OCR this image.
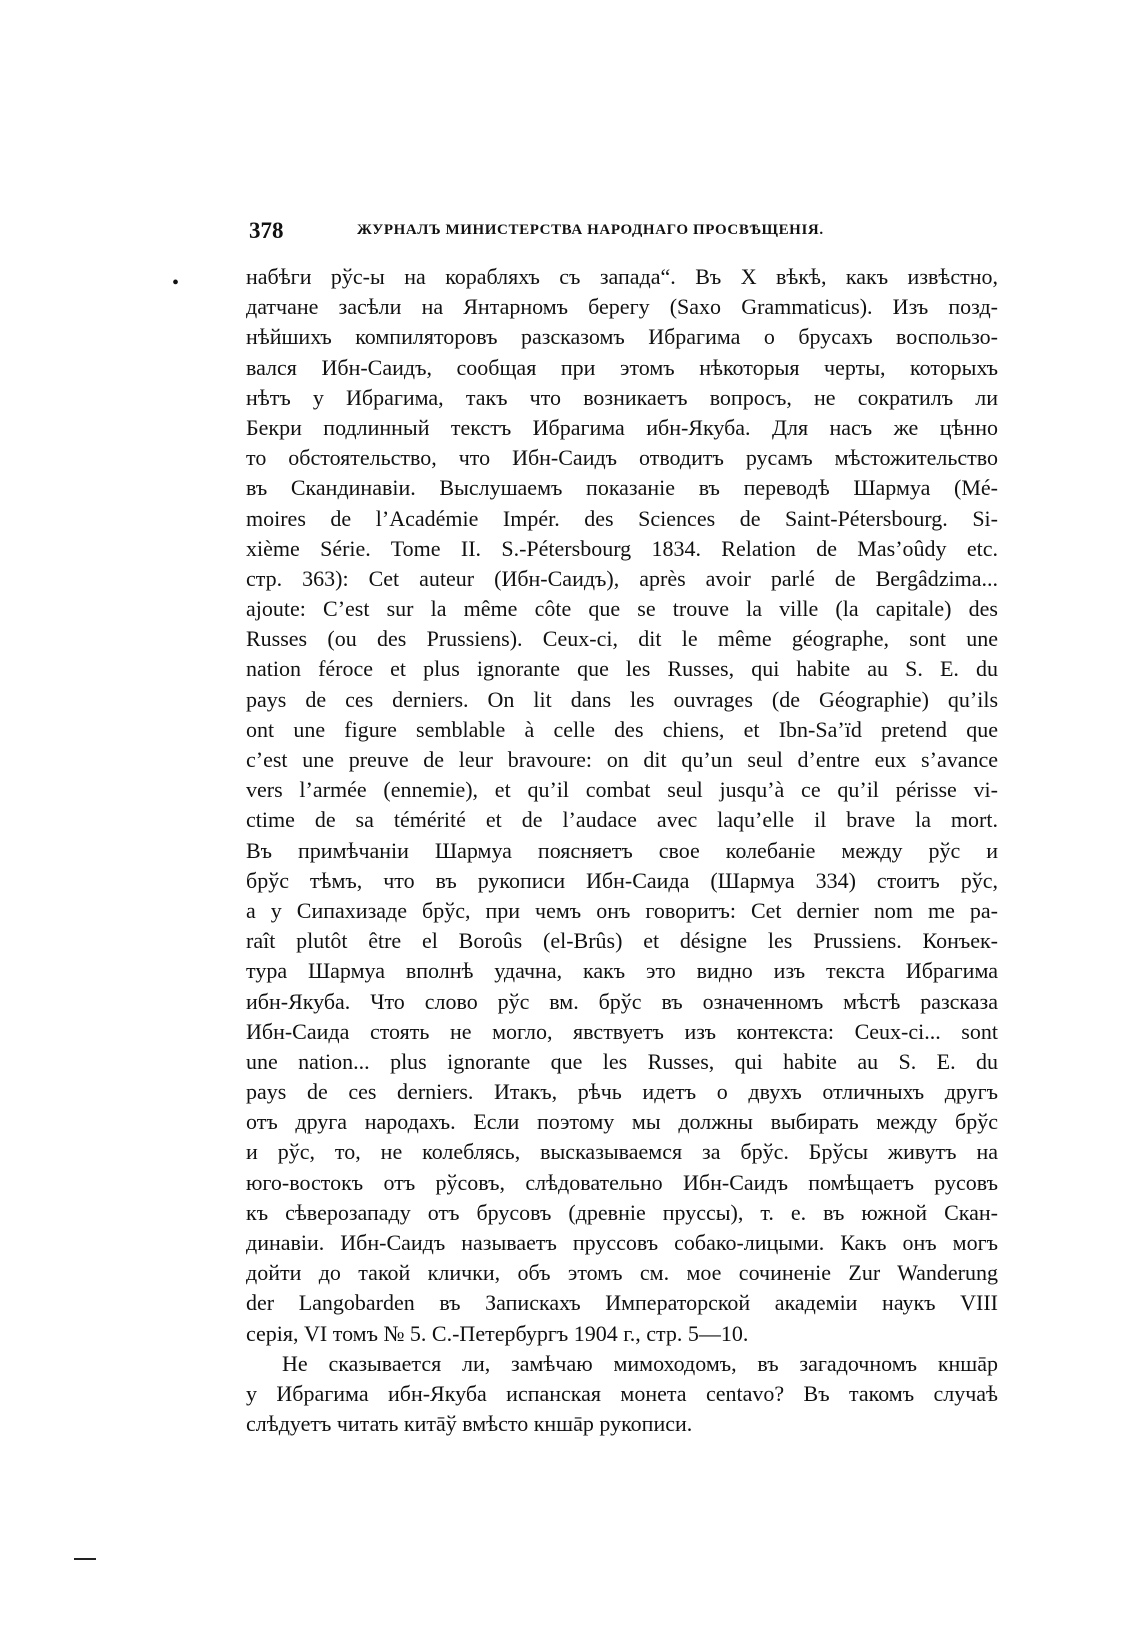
378	ЖУРНАЛЪ МИНИСТЕРСТВА НАРОДНАГО ПРОСВѢЩЕНІЯ.
•	набѣги рўс-ы на корабляхъ съ запада“. Въ X вѣкѣ, какъ извѣстно,
датчане засѣли на Янтарномъ берегу (Saxo Grammaticus). Изъ позд-
нѣйшихъ компиляторовъ разсказомъ Ибрагима о брусахъ воспользо-
вался Ибн-Саидъ, сообщая при этомъ нѣкоторыя черты, которыхъ
нѣтъ у Ибрагима, такъ что возникаетъ вопросъ, не сократилъ ли
Бекри подлинный текстъ Ибрагима ибн-Якуба. Для насъ же цѣнно
то обстоятельство, что Ибн-Саидъ отводитъ русамъ мѣстожительство
въ Скандинавіи. Выслушаемъ показаніе въ переводѣ Шармуа (Mé-
moires de l’Académie Impér. des Sciences de Saint-Pétersbourg. Si-
xième Série. Tome II. S.-Pétersbourg 1834. Relation de Mas’oûdy etc.
стр. 363): Cet auteur (Ибн-Саидъ), après avoir parlé de Bergâdzima...
ajoute: C’est sur la même côte que se trouve la ville (la capitale) des
Russes (ou des Prussiens). Ceux-ci, dit le même géographe, sont une
nation féroce et plus ignorante que les Russes, qui habite au S. E. du
pays de ces derniers. On lit dans les ouvrages (de Géographie) qu’ils
ont une figure semblable à celle des chiens, et Ibn-Sa’ïd pretend que
c’est une preuve de leur bravoure: on dit qu’un seul d’entre eux s’avance
vers l’armée (ennemie), et qu’il combat seul jusqu’à ce qu’il périsse vi-
ctime de sa témérité et de l’audace avec laqu’elle il brave la mort.
Въ примѣчаніи Шармуа поясняетъ свое колебаніе между рўс и
брўс тѣмъ, что въ рукописи Ибн-Саида (Шармуа 334) стоитъ рўс,
а у Сипахизаде брўс, при чемъ онъ говоритъ: Cet dernier nom me pa-
raît plutôt être el Boroûs (el-Brûs) et désigne les Prussiens. Конъек-
тура Шармуа вполнѣ удачна, какъ это видно изъ текста Ибрагима
ибн-Якуба. Что слово рўс вм. брўс въ означенномъ мѣстѣ разсказа
Ибн-Саида стоять не могло, явствуетъ изъ контекста: Ceux-ci... sont
une nation... plus ignorante que les Russes, qui habite au S. E. du
pays de ces derniers. Итакъ, рѣчь идетъ о двухъ отличныхъ другъ
отъ друга народахъ. Если поэтому мы должны выбирать между брўс
и рўс, то, не колеблясь, высказываемся за брўс. Брўсы живутъ на
юго-востокъ отъ рўсовъ, слѣдовательно Ибн-Саидъ помѣщаетъ русовъ
къ сѣверозападу отъ брусовъ (древніе пруссы), т. е. въ южной Скан-
динавіи. Ибн-Саидъ называетъ пруссовъ собако-лицыми. Какъ онъ могъ
дойти до такой клички, объ этомъ см. мое сочиненіе Zur Wanderung
der Langobarden въ Запискахъ Императорской академіи наукъ VIII
серія, VI томъ № 5. С.-Петербургъ 1904 г., стр. 5—10.
Не сказывается ли, замѣчаю мимоходомъ, въ загадочномъ кншāр
у Ибрагима ибн-Якуба испанская монета centavo? Въ такомъ случаѣ
слѣдуетъ читать китāў вмѣсто кншāр рукописи.
